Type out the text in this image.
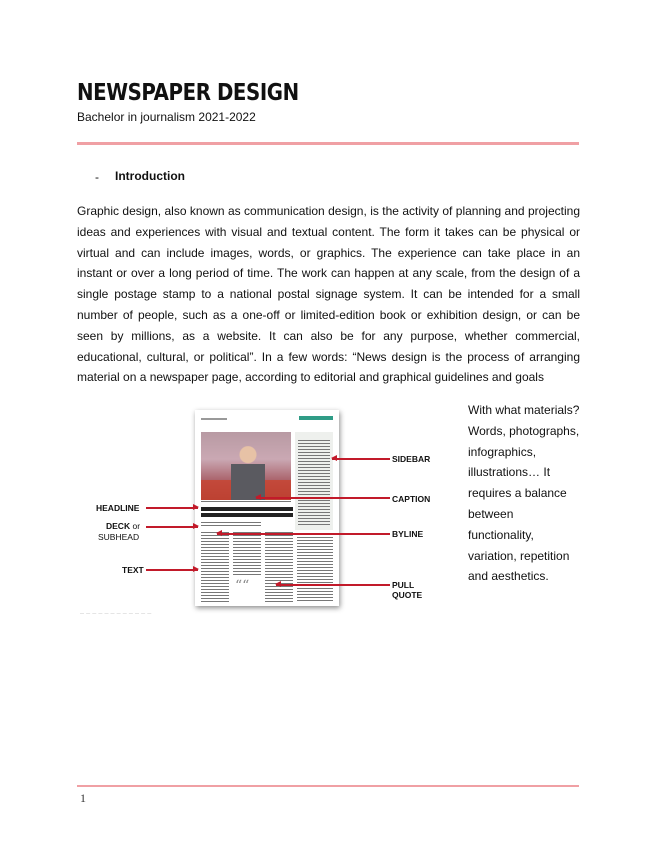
NEWSPAPER DESIGN
Bachelor in journalism 2021-2022
- Introduction

Graphic design, also known as communication design, is the activity of planning and projecting ideas and experiences with visual and textual content. The form it takes can be physical or virtual and can include images, words, or graphics. The experience can take place in an instant or over a long period of time. The work can happen at any scale, from the design of a single postage stamp to a national postal signage system. It can be intended for a small number of people, such as a one-off or limited-edition book or exhibition design, or can be seen by millions, as a website. It can also be for any purpose, whether commercial, educational, cultural, or political”. In a few words: “News design is the process of arranging material on a newspaper page, according to editorial and graphical guidelines and goals

““
SIDEBAR
CAPTION
HEADLINE
DECK or
SUBHEAD	BYLINE
TEXT
PULL QUOTE
— — — — — — — — — — — —

With what materials? Words, photographs, infographics, illustrations… It requires a balance between functionality, variation, repetition and aesthetics.

1
